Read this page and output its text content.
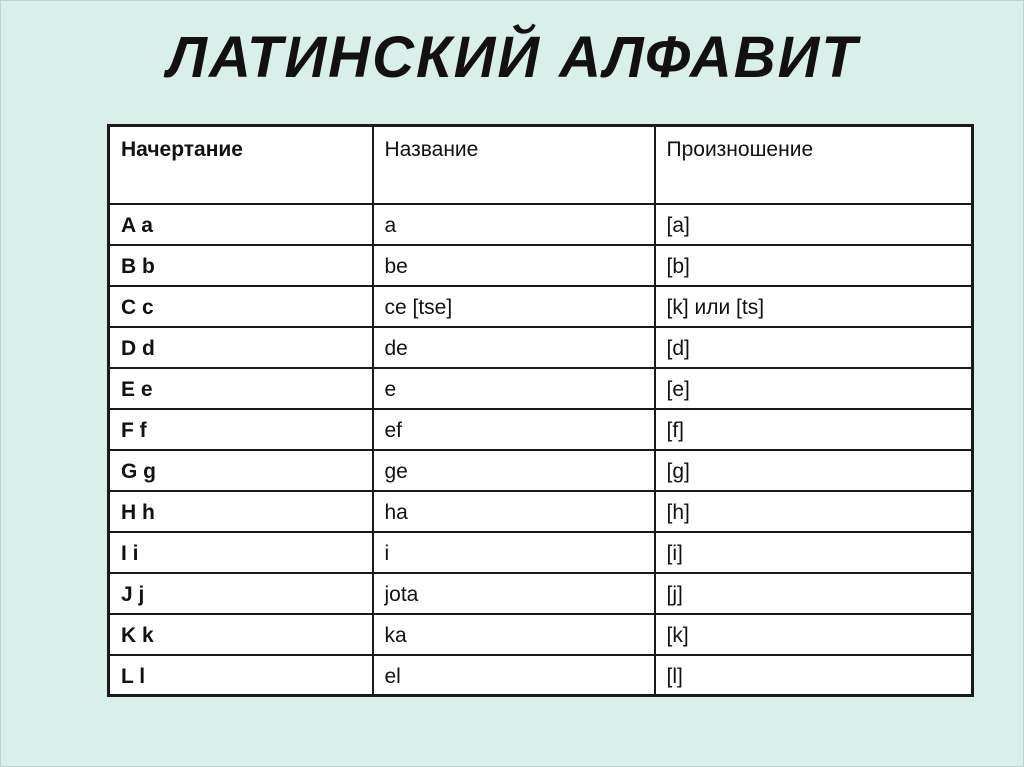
ЛАТИНСКИЙ АЛФАВИТ
Начертание	Название	Произношение
A a	a	[a]
B b	be	[b]
C c	ce [tse]	[k] или [ts]
D d	de	[d]
E e	e	[e]
F f	ef	[f]
G g	ge	[g]
H h	ha	[h]
I i	i	[i]
J j	jota	[j]
K k	ka	[k]
L l	el	[l]
